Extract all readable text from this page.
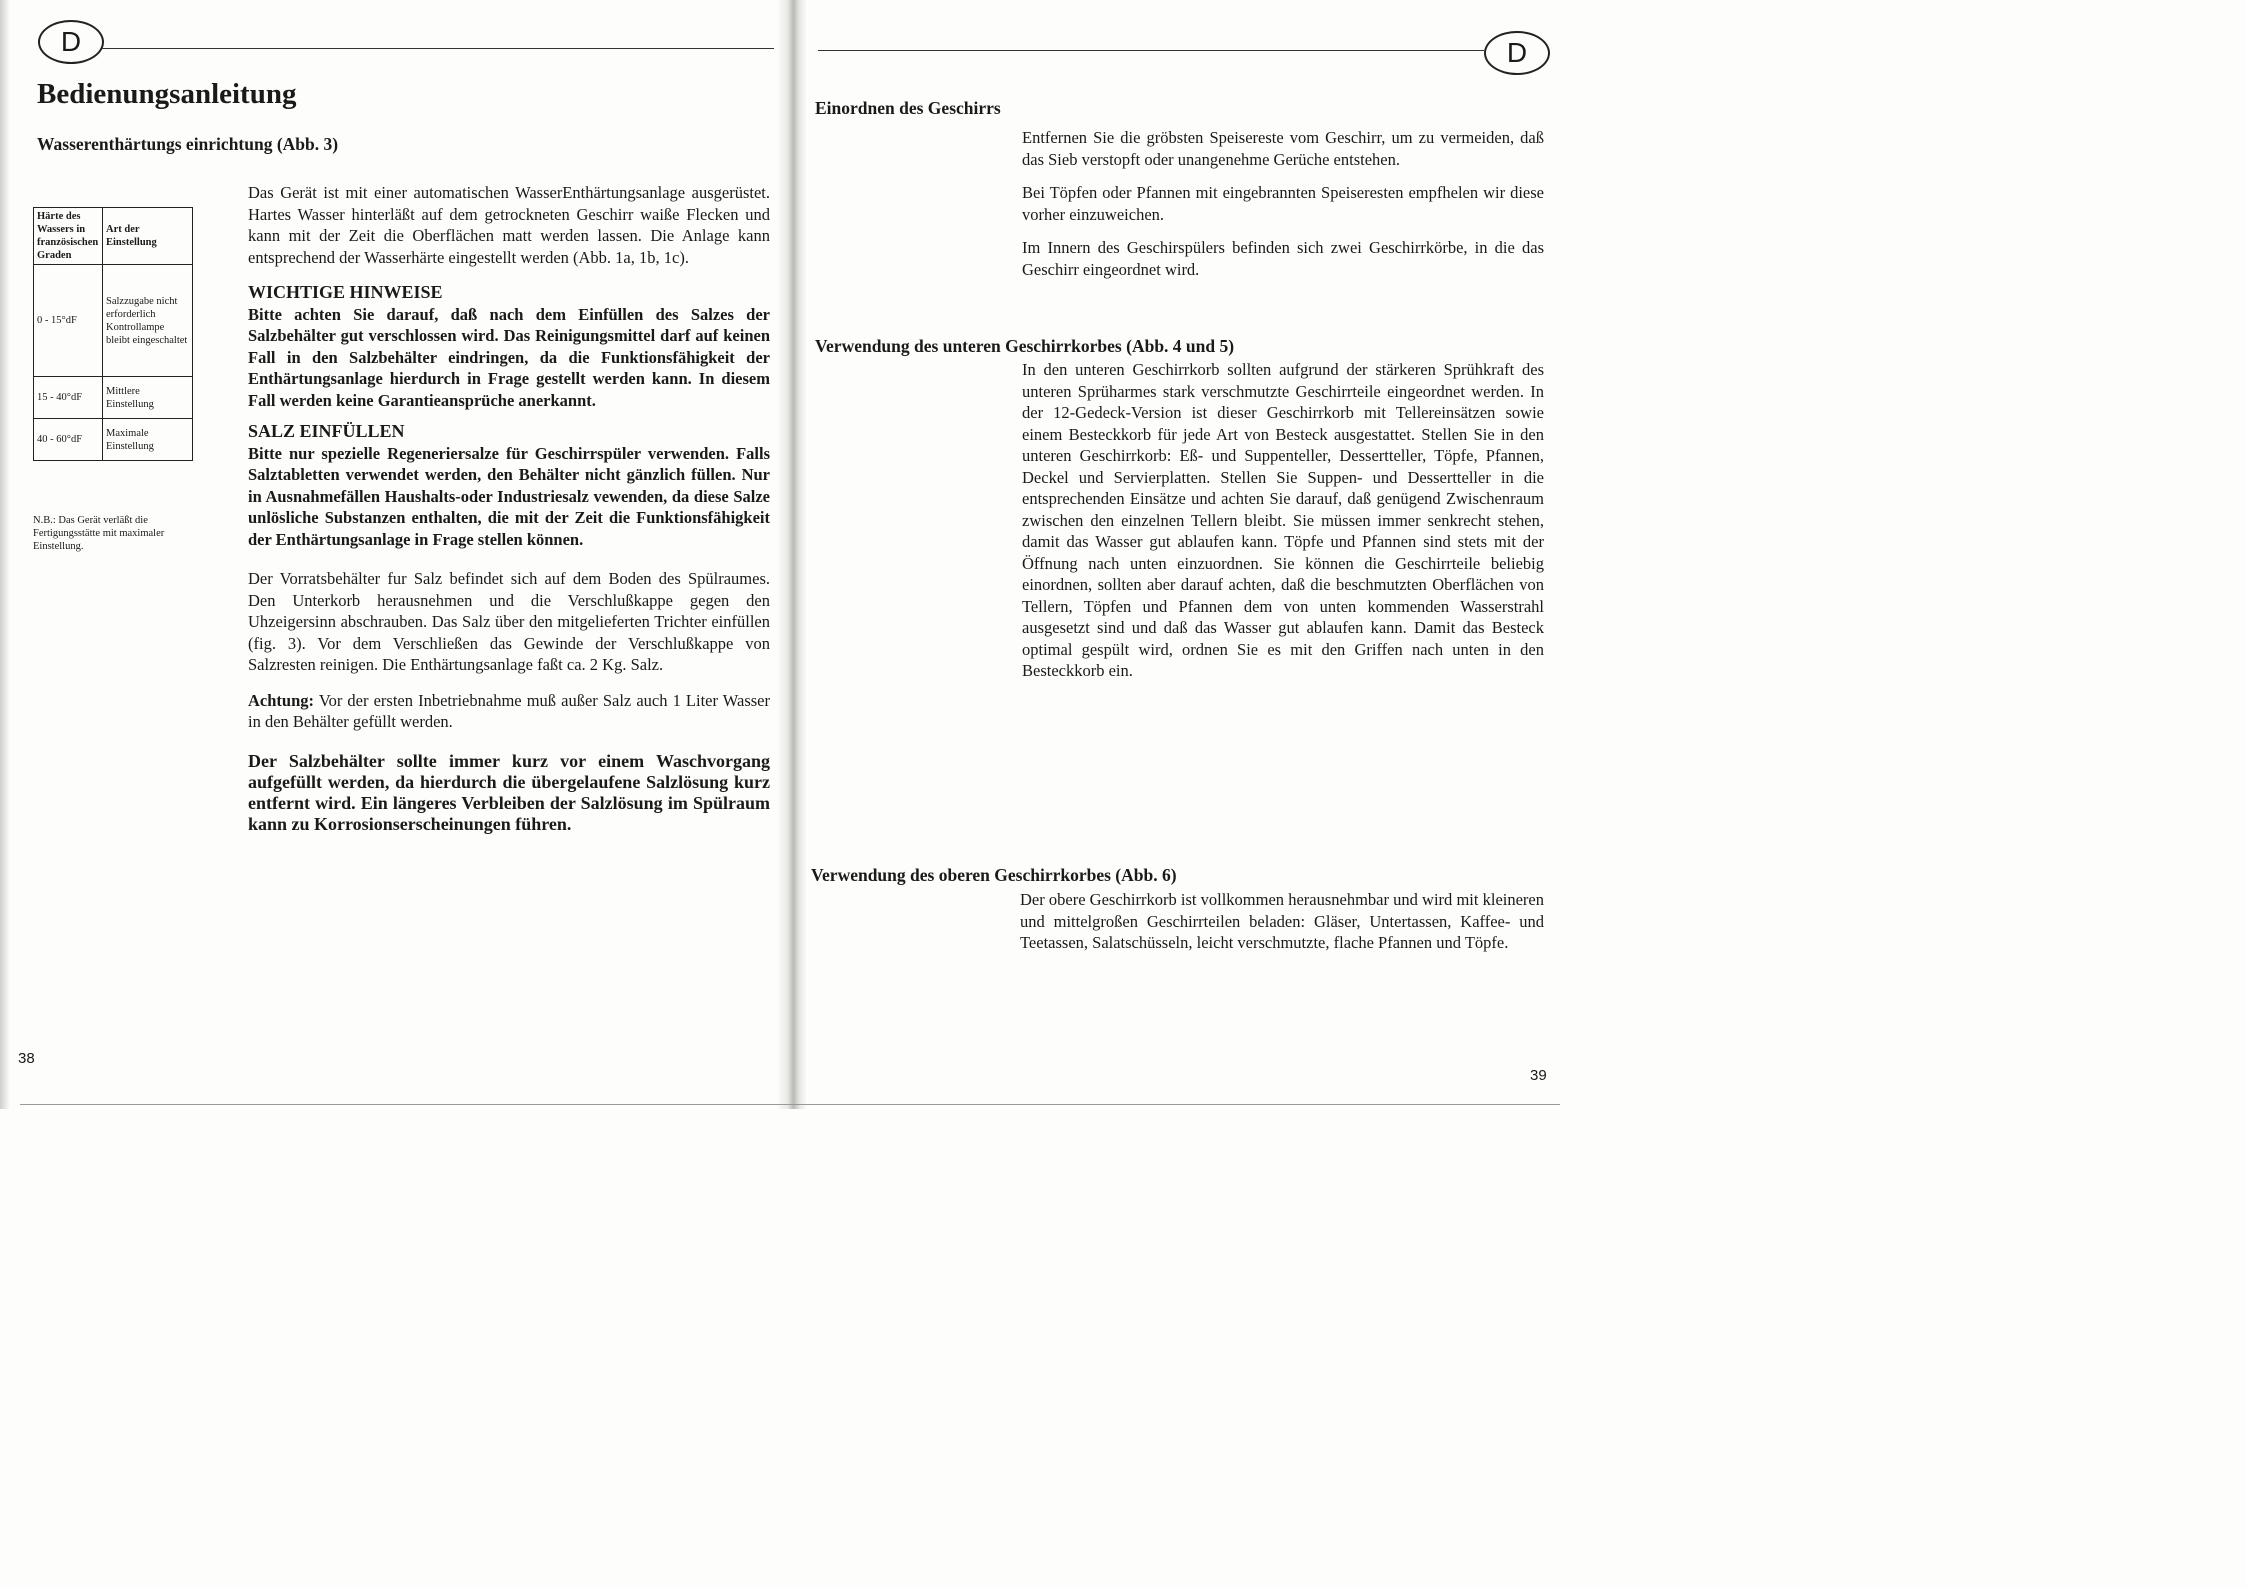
D
Bedienungsanleitung
Wasserenthärtungs einrichtung (Abb. 3)
Härte des Wassers in französischen Graden	Art der Einstellung
0 - 15°dF	Salzzugabe nicht erforderlich Kontrollampe bleibt eingeschaltet
15 - 40°dF	Mittlere Einstellung
40 - 60°dF	Maximale Einstellung
N.B.: Das Gerät verläßt die Fertigungsstätte mit maximaler Einstellung.

Das Gerät ist mit einer automatischen WasserEnthärtungsanlage ausgerüstet. Hartes Wasser hinterläßt auf dem getrockneten Geschirr waiße Flecken und kann mit der Zeit die Oberflächen matt werden lassen. Die Anlage kann entsprechend der Wasserhärte eingestellt werden (Abb. 1a, 1b, 1c).

WICHTIGE HINWEISE

Bitte achten Sie darauf, daß nach dem Einfüllen des Salzes der Salzbehälter gut verschlossen wird. Das Reinigungsmittel darf auf keinen Fall in den Salzbehälter eindringen, da die Funktionsfähigkeit der Enthärtungsanlage hierdurch in Frage gestellt werden kann. In diesem Fall werden keine Garantieansprüche anerkannt.

SALZ EINFÜLLEN

Bitte nur spezielle Regeneriersalze für Geschirrspüler verwenden. Falls Salztabletten verwendet werden, den Behälter nicht gänzlich füllen. Nur in Ausnahmefällen Haushalts-oder Industriesalz vewenden, da diese Salze unlösliche Substanzen enthalten, die mit der Zeit die Funktionsfähigkeit der Enthärtungsanlage in Frage stellen können.

Der Vorratsbehälter fur Salz befindet sich auf dem Boden des Spülraumes. Den Unterkorb herausnehmen und die Verschlußkappe gegen den Uhzeigersinn abschrauben. Das Salz über den mitgelieferten Trichter einfüllen (fig. 3). Vor dem Verschließen das Gewinde der Verschlußkappe von Salzresten reinigen. Die Enthärtungsanlage faßt ca. 2 Kg. Salz.

Achtung: Vor der ersten Inbetriebnahme muß außer Salz auch 1 Liter Wasser in den Behälter gefüllt werden.

Der Salzbehälter sollte immer kurz vor einem Waschvorgang aufgefüllt werden, da hierdurch die übergelaufene Salzlösung kurz entfernt wird. Ein längeres Verbleiben der Salzlösung im Spülraum kann zu Korrosionserscheinungen führen.

38
D
Einordnen des Geschirrs

Entfernen Sie die gröbsten Speisereste vom Geschirr, um zu vermeiden, daß das Sieb verstopft oder unangenehme Gerüche entstehen.

Bei Töpfen oder Pfannen mit eingebrannten Speiseresten empfhelen wir diese vorher einzuweichen.

Im Innern des Geschirspülers befinden sich zwei Geschirrkörbe, in die das Geschirr eingeordnet wird.

Verwendung des unteren Geschirrkorbes (Abb. 4 und 5)

In den unteren Geschirrkorb sollten aufgrund der stärkeren Sprühkraft des unteren Sprüharmes stark verschmutzte Geschirrteile eingeordnet werden. In der 12-Gedeck-Version ist dieser Geschirrkorb mit Tellereinsätzen sowie einem Besteckkorb für jede Art von Besteck ausgestattet. Stellen Sie in den unteren Geschirrkorb: Eß- und Suppenteller, Dessertteller, Töpfe, Pfannen, Deckel und Servierplatten. Stellen Sie Suppen- und Dessertteller in die entsprechenden Einsätze und achten Sie darauf, daß genügend Zwischenraum zwischen den einzelnen Tellern bleibt. Sie müssen immer senkrecht stehen, damit das Wasser gut ablaufen kann. Töpfe und Pfannen sind stets mit der Öffnung nach unten einzuordnen. Sie können die Geschirrteile beliebig einordnen, sollten aber darauf achten, daß die beschmutzten Oberflächen von Tellern, Töpfen und Pfannen dem von unten kommenden Wasserstrahl ausgesetzt sind und daß das Wasser gut ablaufen kann. Damit das Besteck optimal gespült wird, ordnen Sie es mit den Griffen nach unten in den Besteckkorb ein.

Verwendung des oberen Geschirrkorbes (Abb. 6)

Der obere Geschirrkorb ist vollkommen herausnehmbar und wird mit kleineren und mittelgroßen Geschirrteilen beladen: Gläser, Untertassen, Kaffee- und Teetassen, Salatschüsseln, leicht verschmutzte, flache Pfannen und Töpfe.

39
